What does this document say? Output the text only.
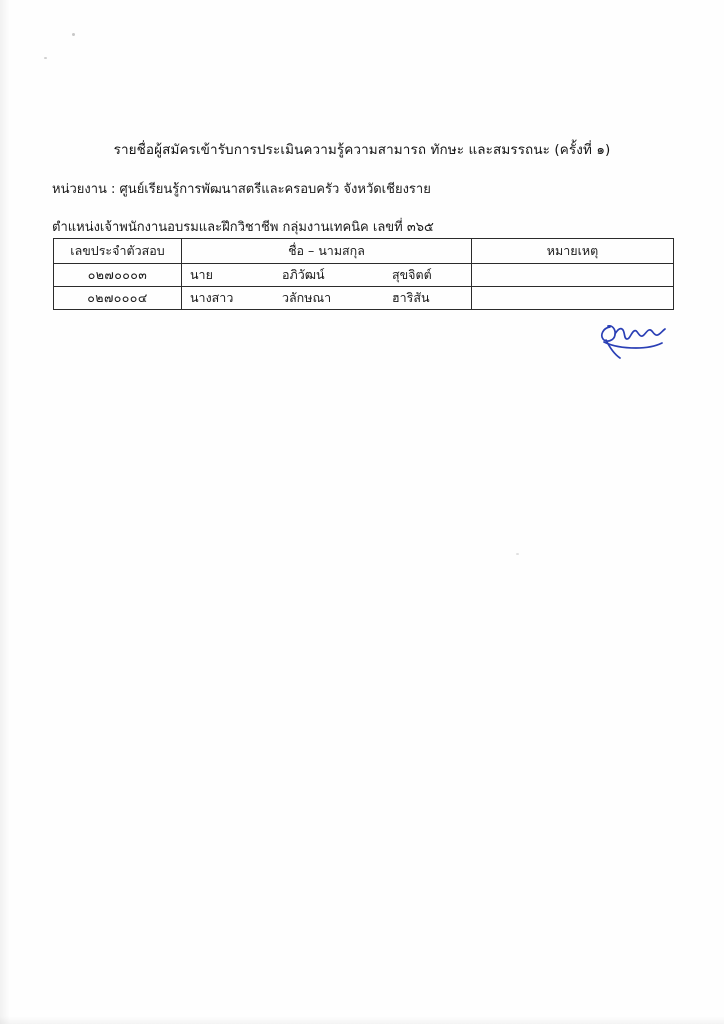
รายชื่อผู้สมัครเข้ารับการประเมินความรู้ความสามารถ ทักษะ และสมรรถนะ (ครั้งที่ ๑)
หน่วยงาน : ศูนย์เรียนรู้การพัฒนาสตรีและครอบครัว จังหวัดเชียงราย
ตำแหน่งเจ้าพนักงานอบรมและฝึกวิชาชีพ กลุ่มงานเทคนิค เลขที่ ๓๖๕
เลขประจำตัวสอบ	ชื่อ – นามสกุล	หมายเหตุ
๐๒๗๐๐๐๓	นาย อภิวัฒน์ สุขจิตต์	

๐๒๗๐๐๐๔	นางสาว วลักษณา ฮาริสัน	
